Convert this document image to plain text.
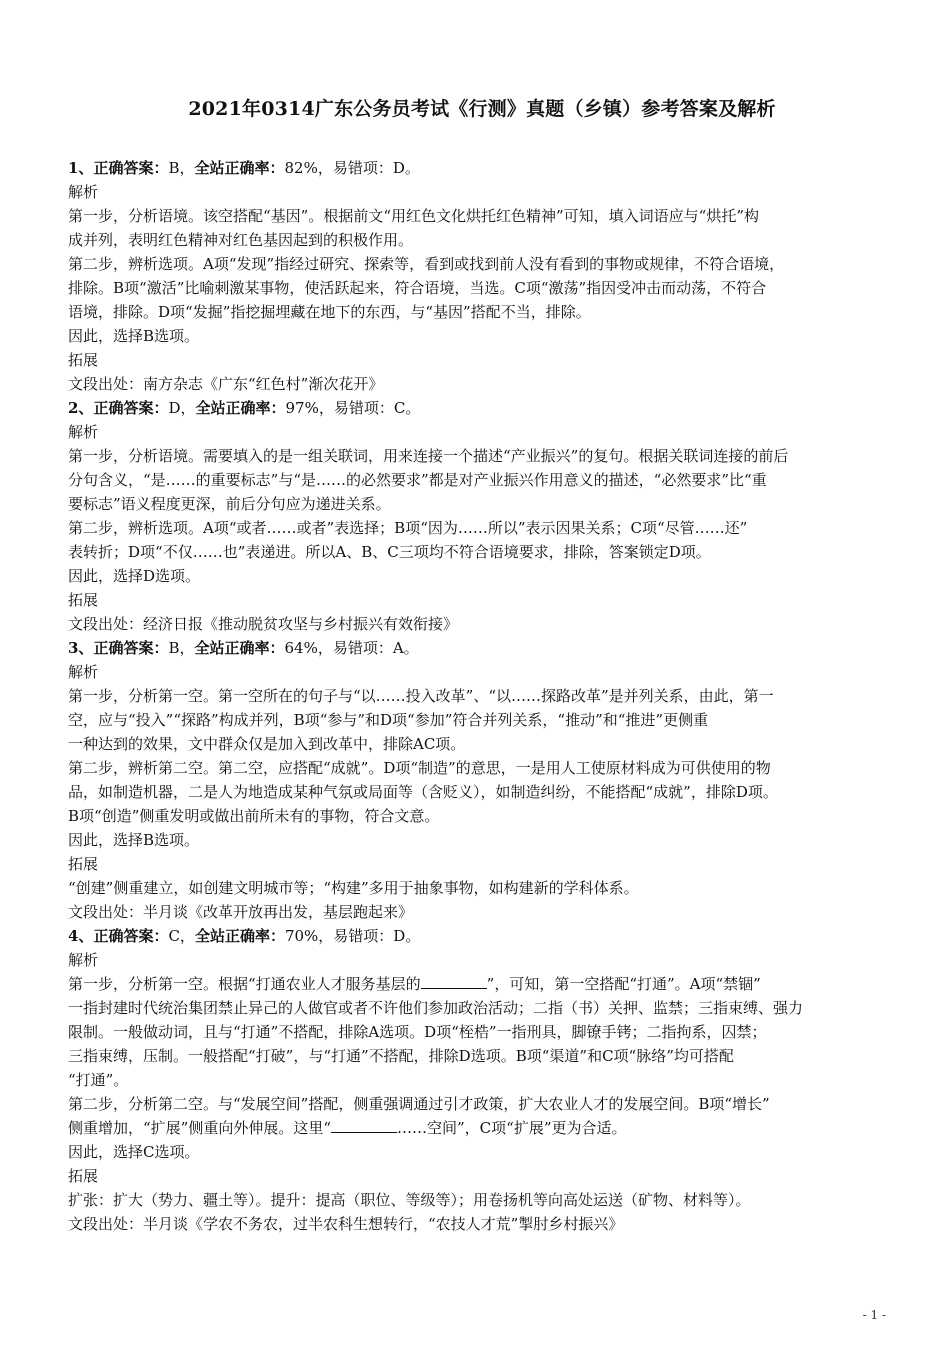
2021年0314广东公务员考试《行测》真题（乡镇）参考答案及解析

1、正确答案：B，全站正确率：82%，易错项：D。

解析

第一步，分析语境。该空搭配“基因”。根据前文“用红色文化烘托红色精神”可知，填入词语应与“烘托”构

成并列，表明红色精神对红色基因起到的积极作用。

第二步，辨析选项。A项“发现”指经过研究、探索等，看到或找到前人没有看到的事物或规律，不符合语境，

排除。B项“激活”比喻刺激某事物，使活跃起来，符合语境，当选。C项“激荡”指因受冲击而动荡，不符合

语境，排除。D项“发掘”指挖掘埋藏在地下的东西，与“基因”搭配不当，排除。

因此，选择B选项。

拓展

文段出处：南方杂志《广东“红色村”渐次花开》

2、正确答案：D，全站正确率：97%，易错项：C。

解析

第一步，分析语境。需要填入的是一组关联词，用来连接一个描述“产业振兴”的复句。根据关联词连接的前后

分句含义，“是……的重要标志”与“是……的必然要求”都是对产业振兴作用意义的描述，“必然要求”比“重

要标志”语义程度更深，前后分句应为递进关系。

第二步，辨析选项。A项“或者……或者”表选择；B项“因为……所以”表示因果关系；C项“尽管……还”

表转折；D项“不仅……也”表递进。所以A、B、C三项均不符合语境要求，排除，答案锁定D项。

因此，选择D选项。

拓展

文段出处：经济日报《推动脱贫攻坚与乡村振兴有效衔接》

3、正确答案：B，全站正确率：64%，易错项：A。

解析

第一步，分析第一空。第一空所在的句子与“以……投入改革”、“以……探路改革”是并列关系，由此，第一

空，应与“投入”“探路”构成并列，B项“参与”和D项“参加”符合并列关系，“推动”和“推进”更侧重

一种达到的效果，文中群众仅是加入到改革中，排除AC项。

第二步，辨析第二空。第二空，应搭配“成就”。D项“制造”的意思，一是用人工使原材料成为可供使用的物

品，如制造机器，二是人为地造成某种气氛或局面等（含贬义），如制造纠纷，不能搭配“成就”，排除D项。

B项“创造”侧重发明或做出前所未有的事物，符合文意。

因此，选择B选项。

拓展

“创建”侧重建立，如创建文明城市等；“构建”多用于抽象事物，如构建新的学科体系。

文段出处：半月谈《改革开放再出发，基层跑起来》

4、正确答案：C，全站正确率：70%，易错项：D。

解析

第一步，分析第一空。根据“打通农业人才服务基层的	”，可知，第一空搭配“打通”。A项“禁锢”

一指封建时代统治集团禁止异己的人做官或者不许他们参加政治活动；二指（书）关押、监禁；三指束缚、强力

限制。一般做动词，且与“打通”不搭配，排除A选项。D项“桎梏”一指刑具，脚镣手铐；二指拘系，囚禁；

三指束缚，压制。一般搭配“打破”，与“打通”不搭配，排除D选项。B项“渠道”和C项“脉络”均可搭配

“打通”。

第二步，分析第二空。与“发展空间”搭配，侧重强调通过引才政策，扩大农业人才的发展空间。B项“增长”

侧重增加，“扩展”侧重向外伸展。这里“	……空间”，C项“扩展”更为合适。

因此，选择C选项。

拓展

扩张：扩大（势力、疆土等）。提升：提高（职位、等级等）；用卷扬机等向高处运送（矿物、材料等）。

文段出处：半月谈《学农不务农，过半农科生想转行，“农技人才荒”掣肘乡村振兴》

- 1 -
